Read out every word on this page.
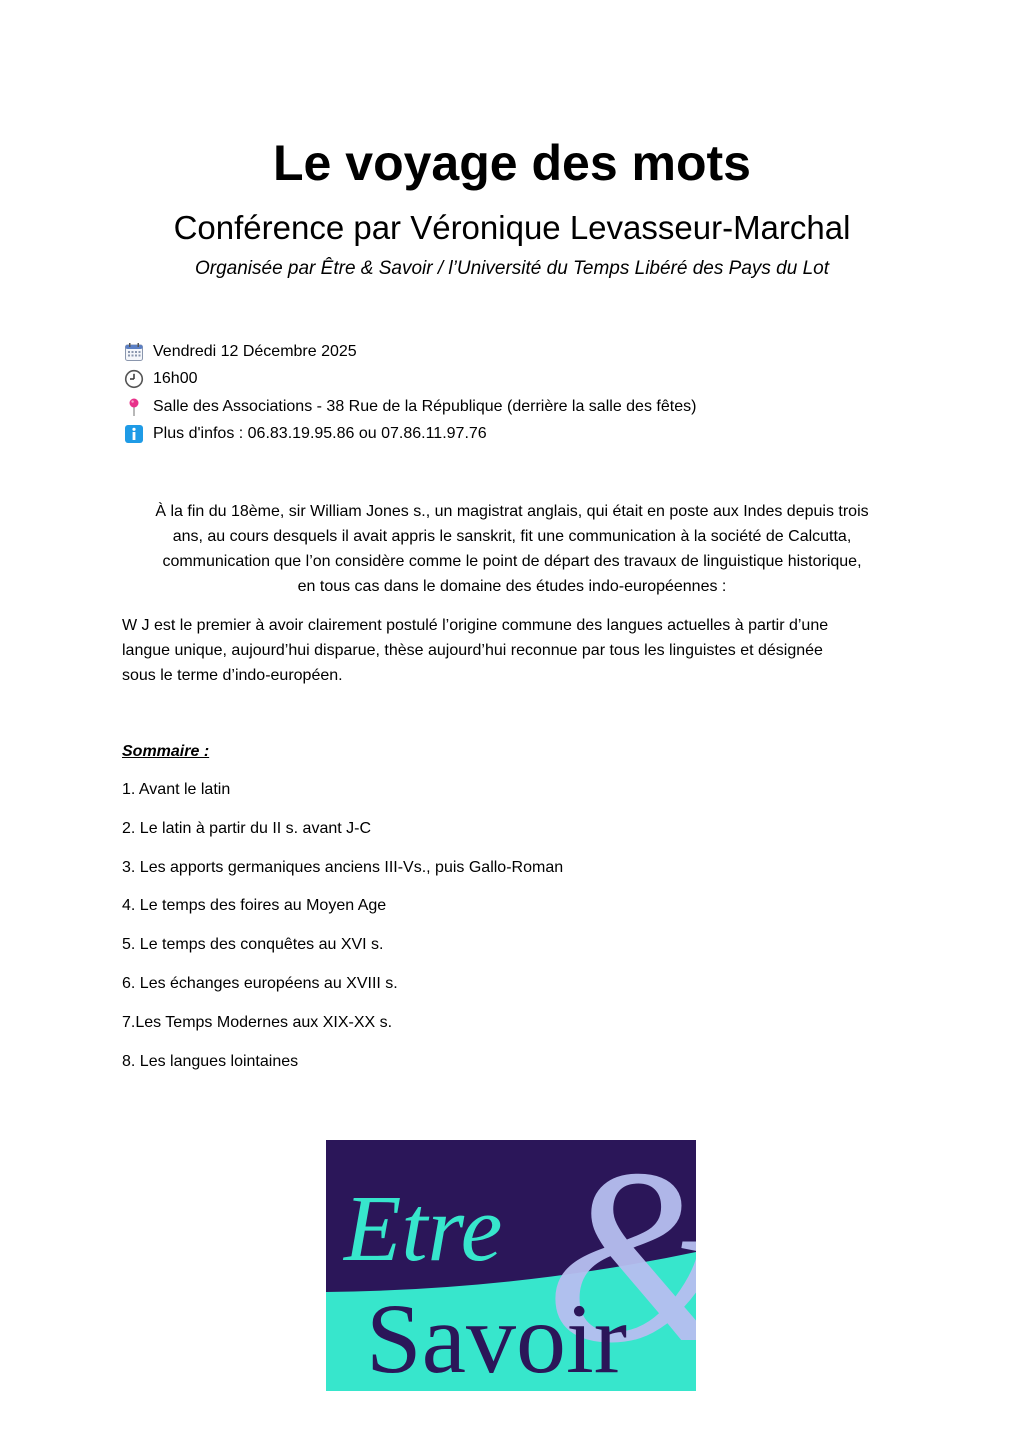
Le voyage des mots
Conférence par Véronique Levasseur-Marchal
Organisée par Être & Savoir / l’Université du Temps Libéré des Pays du Lot
Vendredi 12 Décembre 2025
16h00
Salle des Associations - 38 Rue de la République (derrière la salle des fêtes)
Plus d'infos : 06.83.19.95.86 ou 07.86.11.97.76
À la fin du 18ème, sir William Jones s., un magistrat anglais, qui était en poste aux Indes depuis trois
ans, au cours desquels il avait appris le sanskrit, fit une communication à la société de Calcutta,
communication que l’on considère comme le point de départ des travaux de linguistique historique,
en tous cas dans le domaine des études indo-européennes :
W J est le premier à avoir clairement postulé l’origine commune des langues actuelles à partir d’une
langue unique, aujourd’hui disparue, thèse aujourd’hui reconnue par tous les linguistes et désignée
sous le terme d’indo-européen.
Sommaire :
1. Avant le latin
2. Le latin à partir du II s. avant J-C
3. Les apports germaniques anciens III-Vs., puis Gallo-Roman
4. Le temps des foires au Moyen Age
5. Le temps des conquêtes au XVI s.
6. Les échanges européens au XVIII s.
7.Les Temps Modernes aux XIX-XX s.
8. Les langues lointaines
Etre
Savoir
